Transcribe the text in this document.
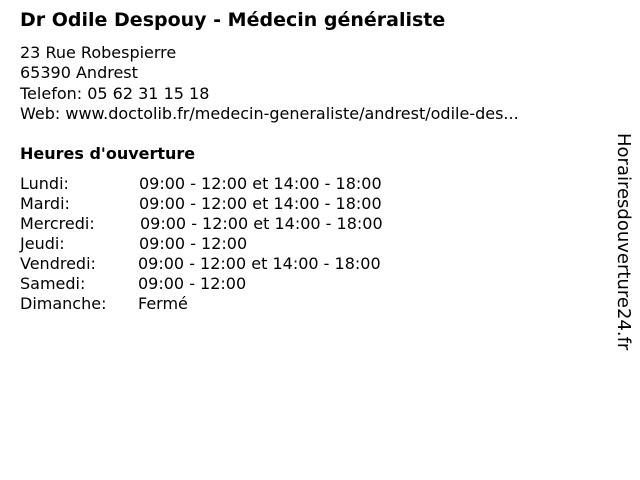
Dr Odile Despouy - Médecin généraliste
23 Rue Robespierre
65390 Andrest
Telefon: 05 62 31 15 18
Web: www.doctolib.fr/medecin-generaliste/andrest/odile-des...
Heures d'ouverture
Lundi:	09:00 - 12:00 et 14:00 - 18:00
Mardi:	09:00 - 12:00 et 14:00 - 18:00
Mercredi:	09:00 - 12:00 et 14:00 - 18:00
Jeudi:	09:00 - 12:00
Vendredi:	09:00 - 12:00 et 14:00 - 18:00
Samedi:	09:00 - 12:00
Dimanche: Fermé	Horairesdouverture24.fr
